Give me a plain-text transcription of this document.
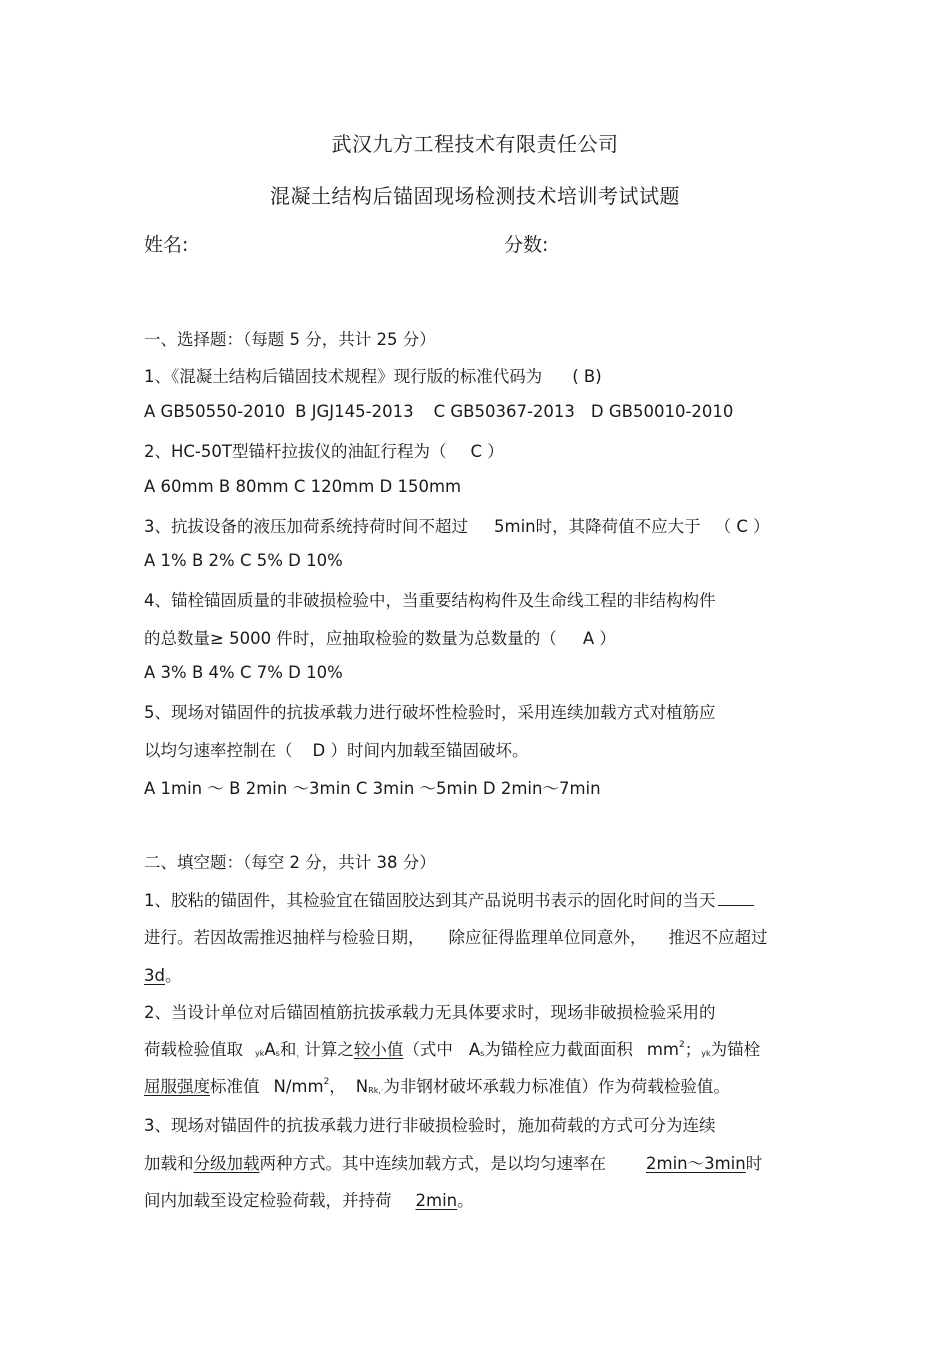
武汉九方工程技术有限责任公司
混凝土结构后锚固现场检测技术培训考试试题
姓名:	分数:
一、选择题：（每题 5 分，共计 25 分）
1、《混凝土结构后锚固技术规程》现行版的标准代码为 ( B)
A GB50550-2010 B JGJ145-2013 C GB50367-2013 D GB50010-2010
2、HC-50T型锚杆拉拔仪的油缸行程为（ C ）
A 60mm B 80mm C 120mm D 150mm
3、抗拔设备的液压加荷系统持荷时间不超过 5min时，其降荷值不应大于 （ C ）
A 1% B 2% C 5% D 10%
4、锚栓锚固质量的非破损检验中，当重要结构构件及生命线工程的非结构构件
的总数量≥ 5000 件时，应抽取检验的数量为总数量的（ A ）
A 3% B 4% C 7% D 10%
5、现场对锚固件的抗拔承载力进行破坏性检验时，采用连续加载方式对植筋应
以均匀速率控制在（ D ）时间内加载至锚固破坏。
A 1min ～ B 2min ～3min C 3min ～5min D 2min～7min
二、填空题：（每空 2 分，共计 38 分）
1、胶粘的锚固件，其检验宜在锚固胶达到其产品说明书表示的固化时间的当天
进行。若因故需推迟抽样与检验日期， 除应征得监理单位同意外， 推迟不应超过
3d。
2、当设计单位对后锚固植筋抗拔承载力无具体要求时，现场非破损检验采用的
荷载检验值取 $_{yk}A_s$和$_,$计算之较小值（式中 $A_s$为锚栓应力截面面积 $mm^2$；$_{yk}$为锚栓
屈服强度标准值 $N/mm^2$， $N_{Rk,\cdot}$为非钢材破坏承载力标准值）作为荷载检验值。
3、现场对锚固件的抗拔承载力进行非破损检验时，施加荷载的方式可分为连续
加载和分级加载两种方式。其中连续加载方式，是以均匀速率在 2min～3min时
间内加载至设定检验荷载，并持荷 2min。
